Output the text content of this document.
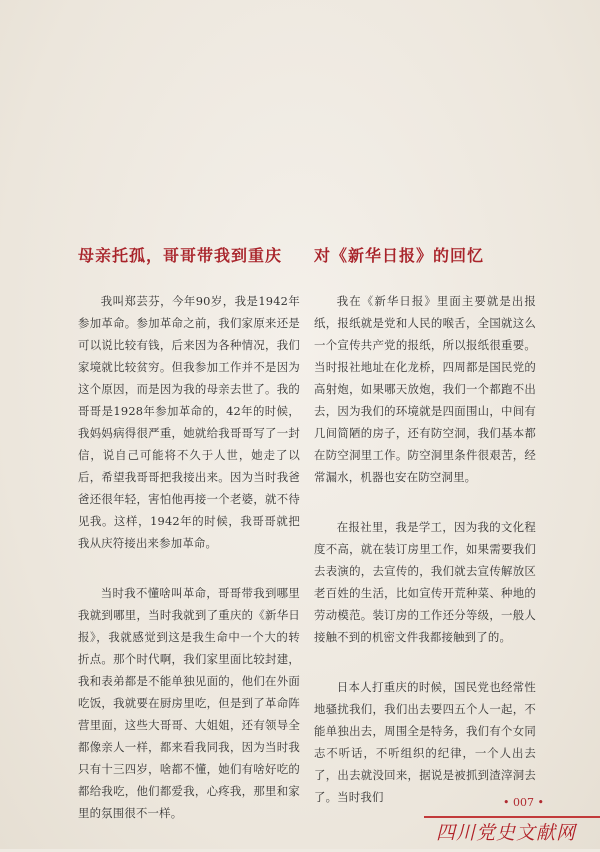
母亲托孤，哥哥带我到重庆

我叫郑芸芬，今年90岁，我是1942年参加革命。参加革命之前，我们家原来还是可以说比较有钱，后来因为各种情况，我们家境就比较贫穷。但我参加工作并不是因为这个原因，而是因为我的母亲去世了。我的哥哥是1928年参加革命的，42年的时候，我妈妈病得很严重，她就给我哥哥写了一封信，说自己可能将不久于人世，她走了以后，希望我哥哥把我接出来。因为当时我爸爸还很年轻，害怕他再接一个老婆，就不待见我。这样，1942年的时候，我哥哥就把我从庆符接出来参加革命。

当时我不懂啥叫革命，哥哥带我到哪里我就到哪里，当时我就到了重庆的《新华日报》，我就感觉到这是我生命中一个大的转折点。那个时代啊，我们家里面比较封建，我和表弟都是不能单独见面的，他们在外面吃饭，我就要在厨房里吃，但是到了革命阵营里面，这些大哥哥、大姐姐，还有领导全都像亲人一样，都来看我同我，因为当时我只有十三四岁，啥都不懂，她们有啥好吃的都给我吃，他们都爱我，心疼我，那里和家里的氛围很不一样。

对《新华日报》的回忆

我在《新华日报》里面主要就是出报纸，报纸就是党和人民的喉舌，全国就这么一个宣传共产党的报纸，所以报纸很重要。当时报社地址在化龙桥，四周都是国民党的高射炮，如果哪天放炮，我们一个都跑不出去，因为我们的环境就是四面围山，中间有几间简陋的房子，还有防空洞，我们基本都在防空洞里工作。防空洞里条件很艰苦，经常漏水，机器也安在防空洞里。

在报社里，我是学工，因为我的文化程度不高，就在装订房里工作，如果需要我们去表演的，去宣传的，我们就去宣传解放区老百姓的生活，比如宣传开荒种菜、种地的劳动模范。装订房的工作还分等级，一般人接触不到的机密文件我都接触到了的。

日本人打重庆的时候，国民党也经常性地骚扰我们，我们出去要四五个人一起，不能单独出去，周围全是特务，我们有个女同志不听话，不听组织的纪律，一个人出去了，出去就没回来，据说是被抓到渣滓洞去了。当时我们	• 007 •
四川党史文献网
